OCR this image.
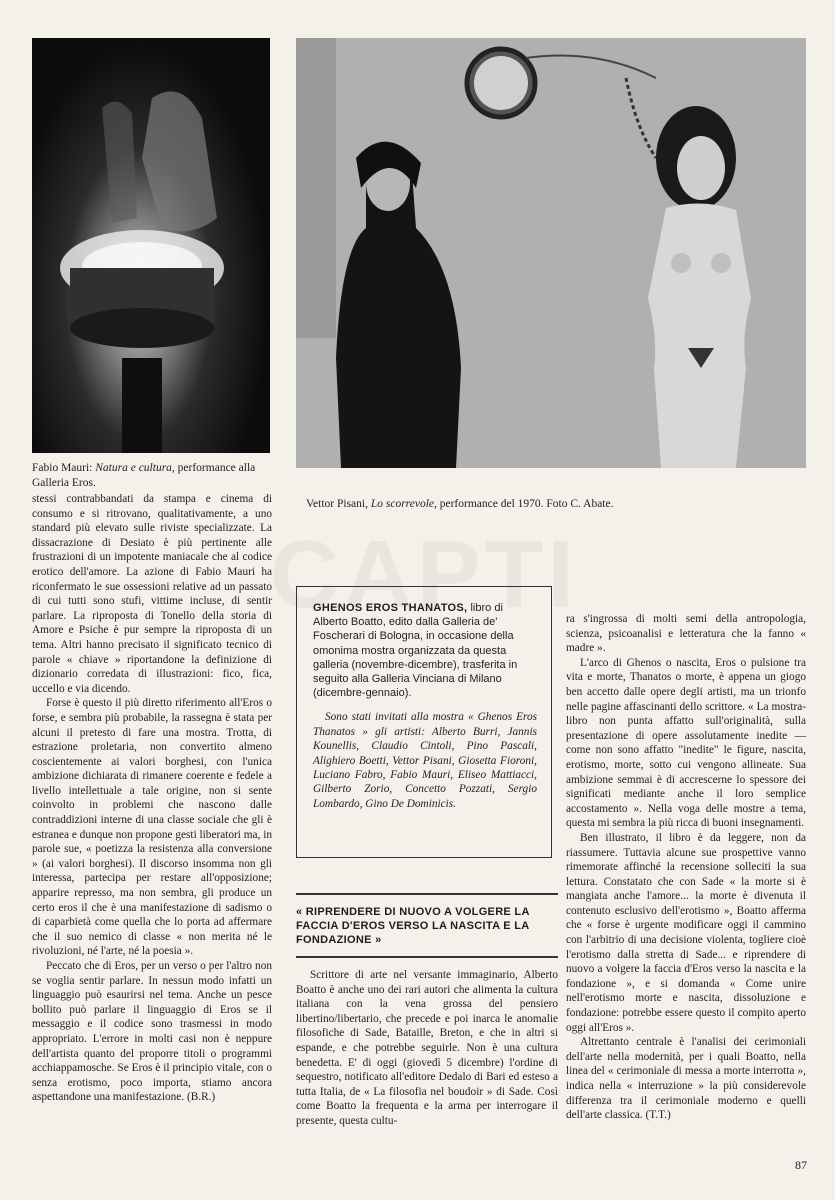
Fabio Mauri: Natura e cultura, performance alla Galleria Eros.
Vettor Pisani, Lo scorrevole, performance del 1970. Foto C. Abate.

stessi contrabbandati da stampa e cinema di consumo e si ritrovano, qualitativamente, a uno standard più elevato sulle riviste specializzate. La dissacrazione di Desiato è più pertinente alle frustrazioni di un impotente maniacale che al codice erotico dell'amore. La azione di Fabio Mauri ha riconfermato le sue ossessioni relative ad un passato di cui tutti sono stufi, vittime incluse, di sentir parlare. La riproposta di Tonello della storia di Amore e Psiche è pur sempre la riproposta di un tema. Altri hanno precisato il significato tecnico di parole « chiave » riportandone la definizione di dizionario corredata di illustrazioni: fico, fica, uccello e via dicendo.

Forse è questo il più diretto riferimento all'Eros o forse, e sembra più probabile, la rassegna è stata per alcuni il pretesto di fare una mostra. Trotta, di estrazione proletaria, non convertito almeno coscientemente ai valori borghesi, con l'unica ambizione dichiarata di rimanere coerente e fedele a livello intellettuale a tale origine, non si sente coinvolto in problemi che nascono dalle contraddizioni interne di una classe sociale che gli è estranea e dunque non propone gesti liberatori ma, in parole sue, « poetizza la resistenza alla conversione » (ai valori borghesi). Il discorso insomma non gli interessa, partecipa per restare all'opposizione; apparire represso, ma non sembra, gli produce un certo eros il che è una manifestazione di sadismo o di caparbietà come quella che lo porta ad affermare che il suo nemico di classe « non merita né le rivoluzioni, né l'arte, né la poesia ».

Peccato che di Eros, per un verso o per l'altro non se voglia sentir parlare. In nessun modo infatti un linguaggio può esaurirsi nel tema. Anche un pesce bollito può parlare il linguaggio di Eros se il messaggio e il codice sono trasmessi in modo appropriato. L'errore in molti casi non è neppure dell'artista quanto del proporre titoli o programmi acchiappamosche. Se Eros è il principio vitale, con o senza erotismo, poco importa, stiamo ancora aspettandone una manifestazione. (B.R.)

GHENOS EROS THANATOS, libro di Alberto Boatto, edito dalla Galleria de' Foscherari di Bologna, in occasione della omonima mostra organizzata da questa galleria (novembre-dicembre), trasferita in seguito alla Galleria Vinciana di Milano (dicembre-gennaio).

Sono stati invitati alla mostra « Ghenos Eros Thanatos » gli artisti: Alberto Burri, Jannis Kounellis, Claudio Cintoli, Pino Pascali, Alighiero Boetti, Vettor Pisani, Giosetta Fioroni, Luciano Fabro, Fabio Mauri, Eliseo Mattiacci, Gilberto Zorio, Concetto Pozzati, Sergio Lombardo, Gino De Dominicis.

« RIPRENDERE DI NUOVO A VOLGERE LA FACCIA D'EROS VERSO LA NASCITA E LA FONDAZIONE »

Scrittore di arte nel versante immaginario, Alberto Boatto è anche uno dei rari autori che alimenta la cultura italiana con la vena grossa del pensiero libertino/libertario, che precede e poi inarca le anomalie filosofiche di Sade, Bataille, Breton, e che in altri si espande, e che potrebbe seguirle. Non è una cultura benedetta. E' di oggi (giovedì 5 dicembre) l'ordine di sequestro, notificato all'editore Dedalo di Bari ed esteso a tutta Italia, de « La filosofia nel boudoir » di Sade. Così come Boatto la frequenta e la arma per interrogare il presente, questa cultu-

ra s'ingrossa di molti semi della antropologia, scienza, psicoanalisi e letteratura che la fanno « madre ».

L'arco di Ghenos o nascita, Eros o pulsione tra vita e morte, Thanatos o morte, è appena un giogo ben accetto dalle opere degli artisti, ma un trionfo nelle pagine affascinanti dello scrittore. « La mostra-libro non punta affatto sull'originalità, sulla presentazione di opere assolutamente inedite — come non sono affatto "inedite" le figure, nascita, erotismo, morte, sotto cui vengono allineate. Sua ambizione semmai è di accrescerne lo spessore dei significati mediante anche il loro semplice accostamento ». Nella voga delle mostre a tema, questa mi sembra la più ricca di buoni insegnamenti.

Ben illustrato, il libro è da leggere, non da riassumere. Tuttavia alcune sue prospettive vanno rimemorate affinché la recensione solleciti la sua lettura. Constatato che con Sade « la morte si è mangiata anche l'amore... la morte è divenuta il contenuto esclusivo dell'erotismo », Boatto afferma che « forse è urgente modificare oggi il cammino con l'arbitrio di una decisione violenta, togliere cioè l'erotismo dalla stretta di Sade... e riprendere di nuovo a volgere la faccia d'Eros verso la nascita e la fondazione », e si domanda « Come unire nell'erotismo morte e nascita, dissoluzione e fondazione: potrebbe essere questo il compito aperto oggi all'Eros ».

Altrettanto centrale è l'analisi dei cerimoniali dell'arte nella modernità, per i quali Boatto, nella linea del « cerimoniale di messa a morte interrotta », indica nella « interruzione » la più considerevole differenza tra il cerimoniale moderno e quelli dell'arte classica. (T.T.)

87
